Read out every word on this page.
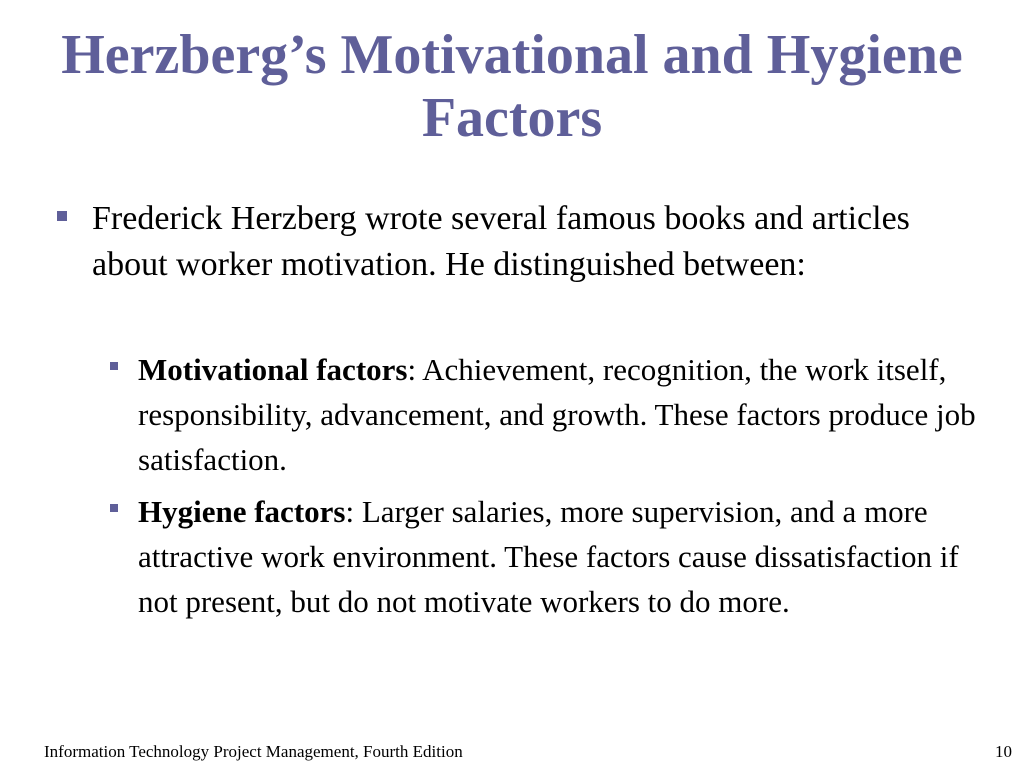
Herzberg’s Motivational and Hygiene Factors
Frederick Herzberg wrote several famous books and articles about worker motivation. He distinguished between:
Motivational factors: Achievement, recognition, the work itself, responsibility, advancement, and growth. These factors produce job satisfaction.
Hygiene factors: Larger salaries, more supervision, and a more attractive work environment. These factors cause dissatisfaction if not present, but do not motivate workers to do more.
Information Technology Project Management, Fourth Edition	10
